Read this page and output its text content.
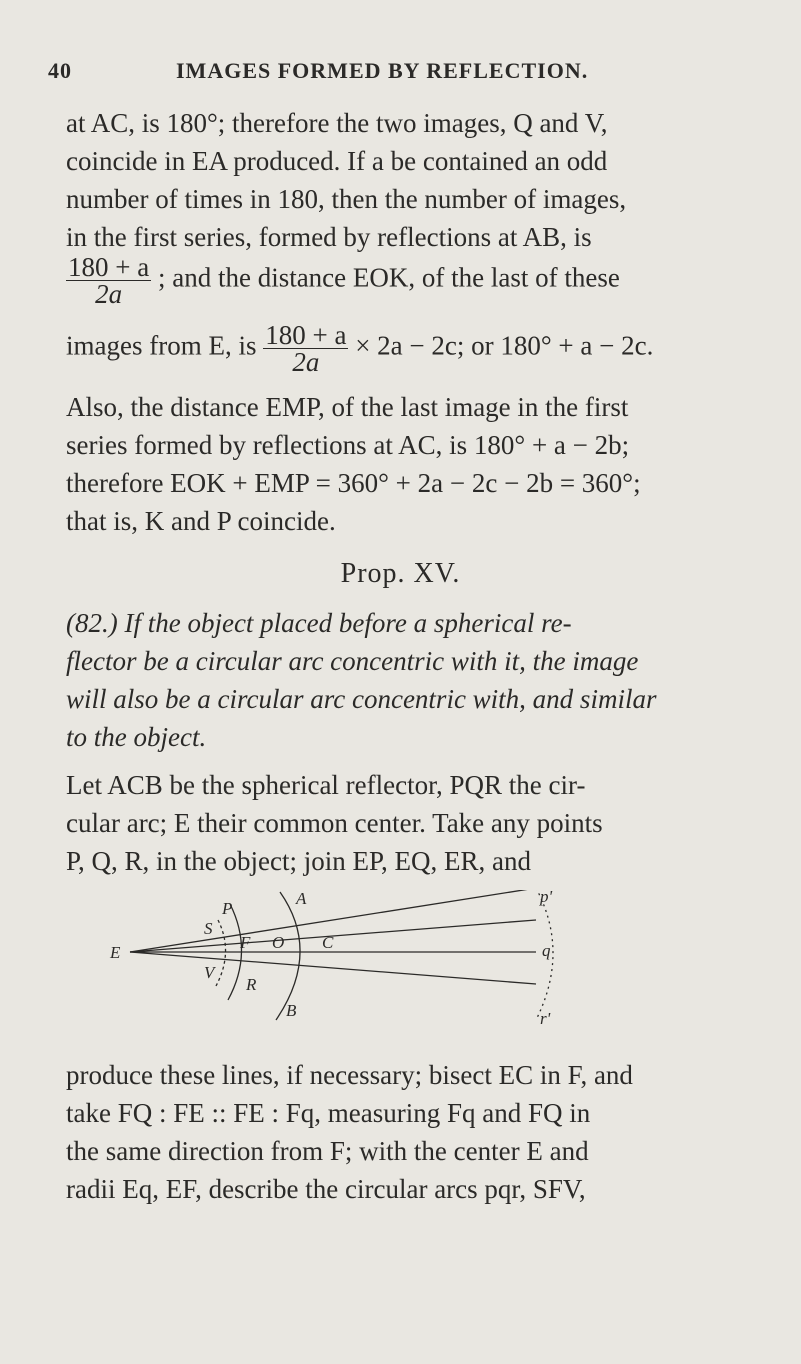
40	IMAGES FORMED BY REFLECTION.
at AC, is 180°; therefore the two images, Q and V,
coincide in EA produced. If a be contained an odd
number of times in 180, then the number of images,
in the first series, formed by reflections at AB, is
$\frac{180 + a}{2a}$ ; and the distance EOK, of the last of these
images from E, is $\frac{180 + a}{2a} \times 2a - 2c$; or 180° + a − 2c.
Also, the distance EMP, of the last image in the first
series formed by reflections at AC, is 180° + a − 2b;
therefore EOK + EMP = 360° + 2a − 2c − 2b = 360°;
that is, K and P coincide.
Prop. XV.
(82.) If the object placed before a spherical re-
flector be a circular arc concentric with it, the image
will also be a circular arc concentric with, and similar
to the object.
Let ACB be the spherical reflector, PQR the cir-
cular arc; E their common center. Take any points
P, Q, R, in the object; join EP, EQ, ER, and
p'
A
P
S
E
F O C	q
V
R
B	r'
produce these lines, if necessary; bisect EC in F, and
take FQ : FE :: FE : Fq, measuring Fq and FQ in
the same direction from F; with the center E and
radii Eq, EF, describe the circular arcs pqr, SFV,
